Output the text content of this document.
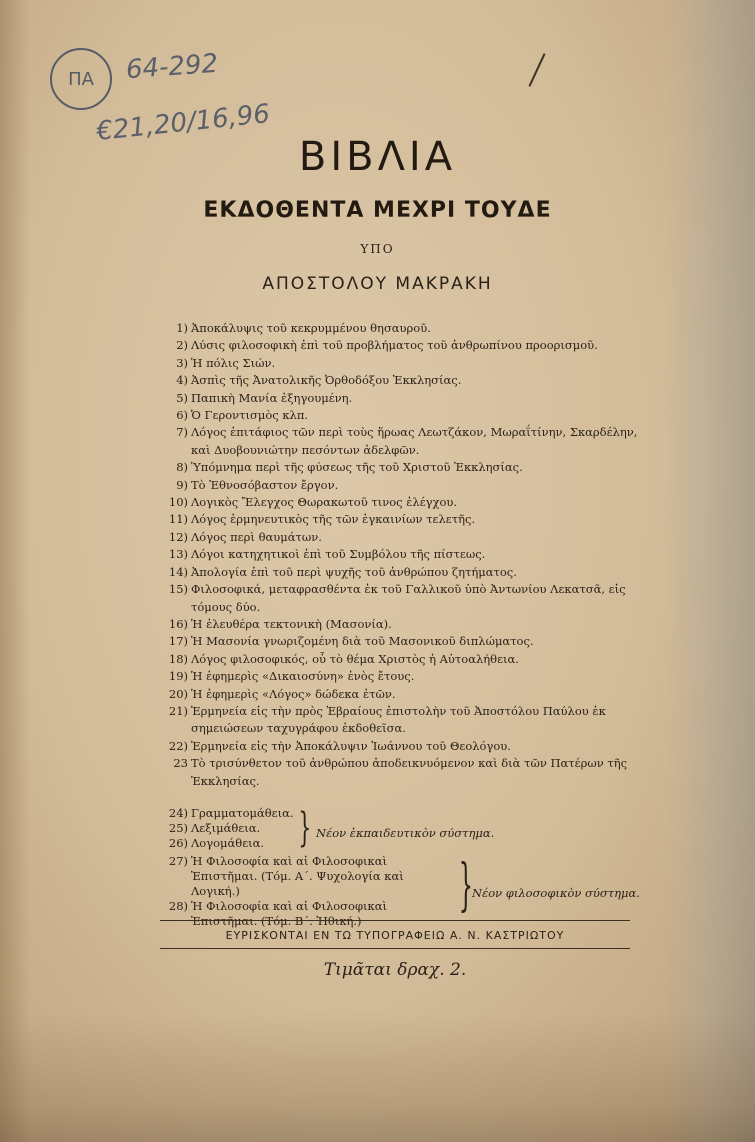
ΠΑ 64-292
€21,20/16,96
ΒΙΒΛΙΑ
ΕΚΔΟΘΕΝΤΑ ΜΕΧΡΙ ΤΟΥΔΕ
ΥΠΟ
ΑΠΟΣΤΟΛΟΥ ΜΑΚΡΑΚΗ
1) Ἀποκάλυψις τοῦ κεκρυμμένου θησαυροῦ.
2) Λύσις φιλοσοφικὴ ἐπὶ τοῦ προβλήματος τοῦ ἀνθρωπίνου προορισμοῦ.
3) Ἡ πόλις Σιών.
4) Ἀσπὶς τῆς Ἀνατολικῆς Ὀρθοδόξου Ἐκκλησίας.
5) Παπικὴ Μανία ἐξηγουμένη.
6) Ὁ Γεροντισμὸς κλπ.
7) Λόγος ἐπιτάφιος τῶν περὶ τοὺς ἥρωας Λεωτζάκον, Μωραΐτίνην, Σκαρδέλην, καὶ Δυοβουνιώτην πεσόντων ἀδελφῶν.
8) Ὑπόμνημα περὶ τῆς φύσεως τῆς τοῦ Χριστοῦ Ἐκκλησίας.
9) Τὸ Ἐθνοσόβαστον ἔργον.
10) Λογικὸς Ἔλεγχος Θωρακωτοῦ τινος ἐλέγχου.
11) Λόγος ἑρμηνευτικὸς τῆς τῶν ἐγκαινίων τελετῆς.
12) Λόγος περὶ θαυμάτων.
13) Λόγοι κατηχητικοὶ ἐπὶ τοῦ Συμβόλου τῆς πίστεως.
14) Ἀπολογία ἐπὶ τοῦ περὶ ψυχῆς τοῦ ἀνθρώπου ζητήματος.
15) Φιλοσοφικά, μεταφρασθέντα ἐκ τοῦ Γαλλικοῦ ὑπὸ Ἀντωνίου Λεκατσᾶ, εἰς τόμους δύο.
16) Ἡ ἐλευθέρα τεκτονικὴ (Μασονία).
17) Ἡ Μασονία γνωριζομένη διὰ τοῦ Μασονικοῦ διπλώματος.
18) Λόγος φιλοσοφικός, οὗ τὸ θέμα Χριστὸς ἡ Αὐτοαλήθεια.
19) Ἡ ἐφημερὶς «Δικαιοσύνη» ἑνὸς ἔτους.
20) Ἡ ἐφημερὶς «Λόγος» δώδεκα ἐτῶν.
21) Ἑρμηνεία εἰς τὴν πρὸς Ἑβραίους ἐπιστολὴν τοῦ Ἀποστόλου Παύλου ἐκ σημειώσεων ταχυγράφου ἐκδοθεῖσα.
22) Ἑρμηνεία εἰς τὴν Ἀποκάλυψιν Ἰωάννου τοῦ Θεολόγου.
23 Τὸ τρισύνθετον τοῦ ἀνθρώπου ἀποδεικνυόμενον καὶ διὰ τῶν Πατέρων τῆς Ἐκκλησίας.
24) Γραμματομάθεια.
25) Λεξιμάθεια.
26) Λογομάθεια. } Νέον ἐκπαιδευτικὸν σύστημα.
27) Ἡ Φιλοσοφία καὶ αἱ Φιλοσοφικαὶ Ἐπιστῆμαι. (Τόμ. Α΄. Ψυχολογία καὶ Λογική.)
28) Ἡ Φιλοσοφία καὶ αἱ Φιλοσοφικαὶ Ἐπιστῆμαι. (Τόμ. Β΄. Ἠθική.)
} Νέον φιλοσοφικὸν σύστημα.
ΕΥΡΙΣΚΟΝΤΑΙ ΕΝ ΤΩ ΤΥΠΟΓΡΑΦΕΙΩ Α. Ν. ΚΑΣΤΡΙΩΤΟΥ
Τιμᾶται δραχ. 2.
